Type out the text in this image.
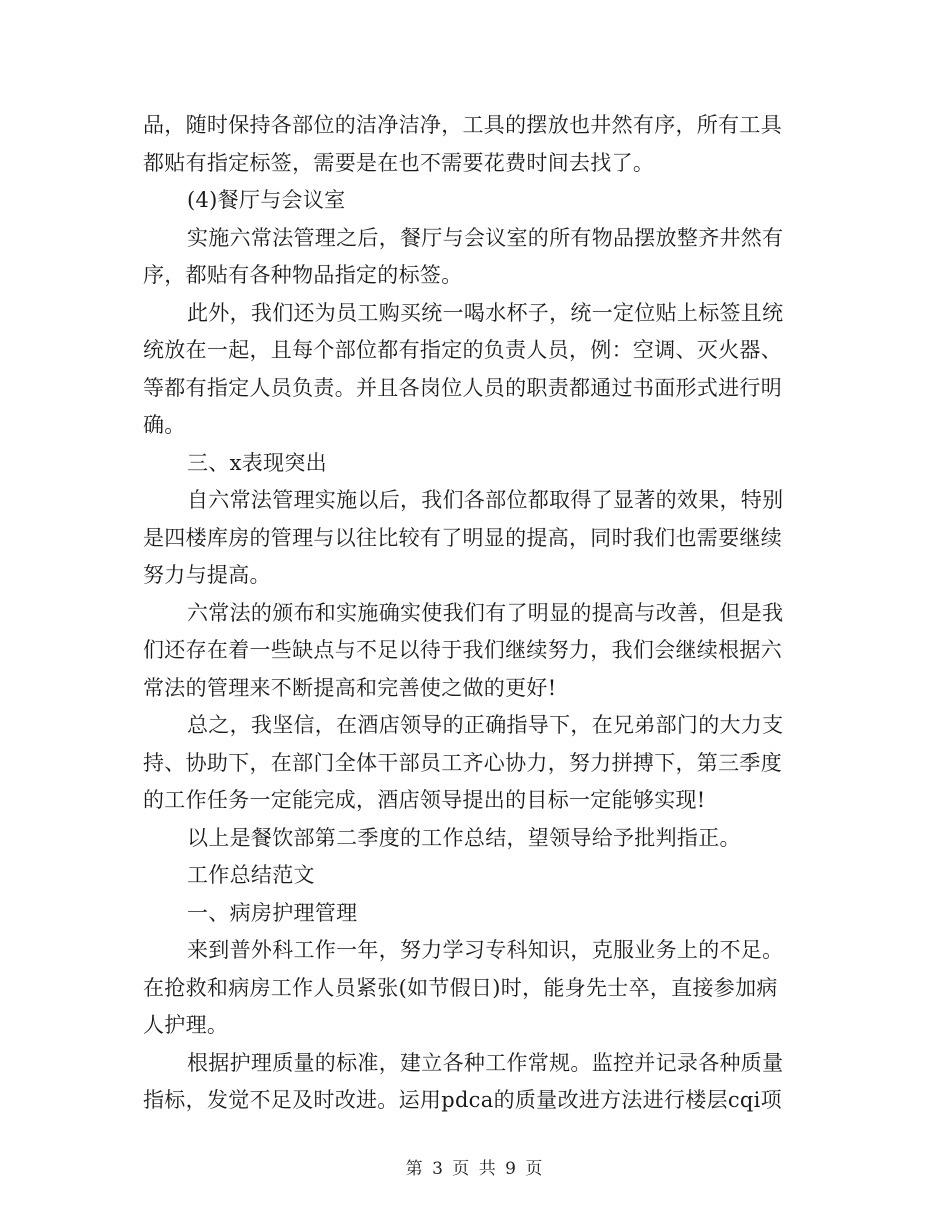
品，随时保持各部位的洁净洁净，工具的摆放也井然有序，所有工具
都贴有指定标签，需要是在也不需要花费时间去找了。
(4)餐厅与会议室
实施六常法管理之后，餐厅与会议室的所有物品摆放整齐井然有
序，都贴有各种物品指定的标签。
此外，我们还为员工购买统一喝水杯子，统一定位贴上标签且统
统放在一起，且每个部位都有指定的负责人员，例：空调、灭火器、
等都有指定人员负责。并且各岗位人员的职责都通过书面形式进行明
确。
三、x表现突出
自六常法管理实施以后，我们各部位都取得了显著的效果，特别
是四楼库房的管理与以往比较有了明显的提高，同时我们也需要继续
努力与提高。
六常法的颁布和实施确实使我们有了明显的提高与改善，但是我
们还存在着一些缺点与不足以待于我们继续努力，我们会继续根据六
常法的管理来不断提高和完善使之做的更好!
总之，我坚信，在酒店领导的正确指导下，在兄弟部门的大力支
持、协助下，在部门全体干部员工齐心协力，努力拼搏下，第三季度
的工作任务一定能完成，酒店领导提出的目标一定能够实现!
以上是餐饮部第二季度的工作总结，望领导给予批判指正。
工作总结范文
一、病房护理管理
来到普外科工作一年，努力学习专科知识，克服业务上的不足。
在抢救和病房工作人员紧张(如节假日)时，能身先士卒，直接参加病
人护理。
根据护理质量的标准，建立各种工作常规。监控并记录各种质量
指标，发觉不足及时改进。运用pdca的质量改进方法进行楼层cqi项
第 3 页 共 9 页
